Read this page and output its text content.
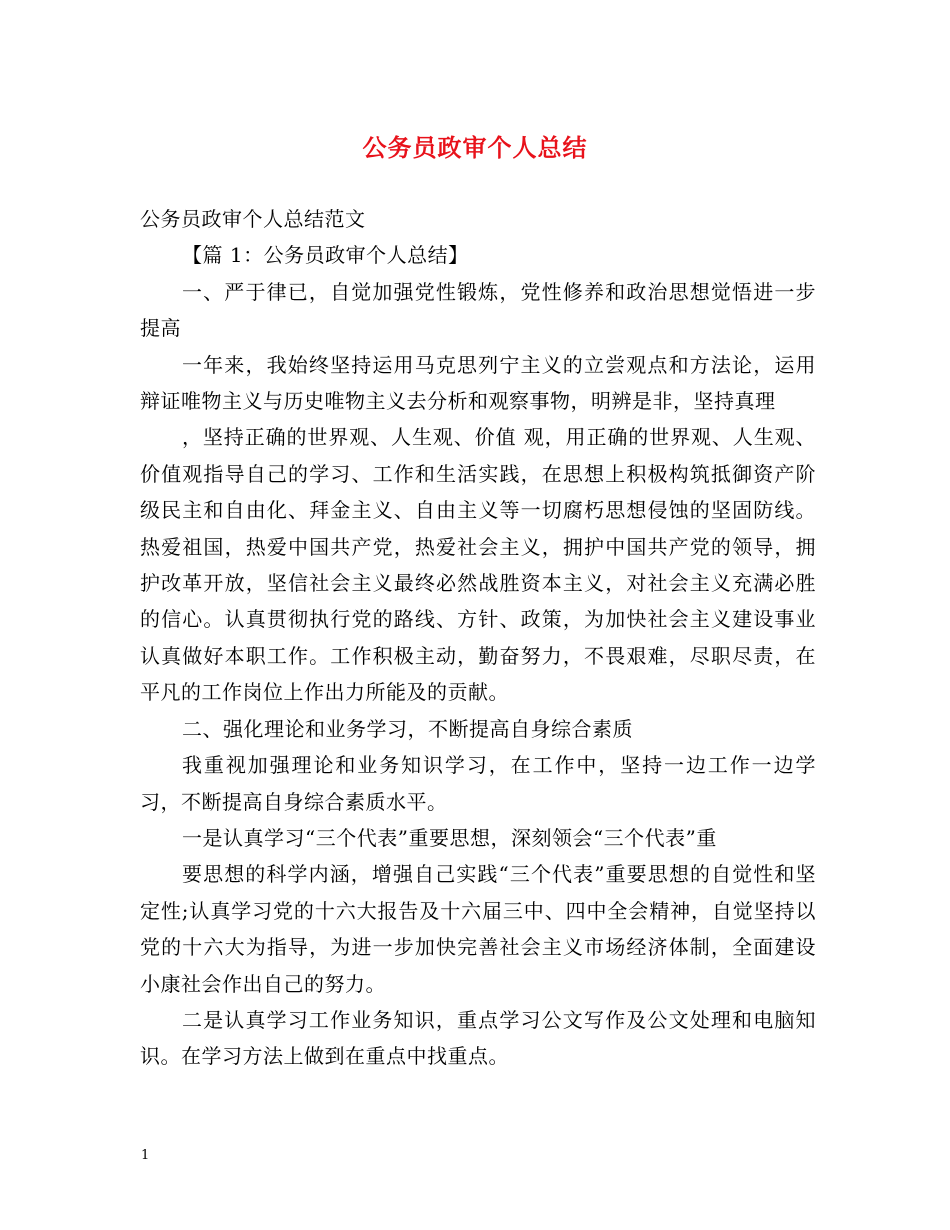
公务员政审个人总结

公务员政审个人总结范文

【篇 1：公务员政审个人总结】

一、严于律已，自觉加强党性锻炼，党性修养和政治思想觉悟进一步提高

一年来，我始终坚持运用马克思列宁主义的立尝观点和方法论，运用辩证唯物主义与历史唯物主义去分析和观察事物，明辨是非，坚持真理

，坚持正确的世界观、人生观、价值 观，用正确的世界观、人生观、价值观指导自己的学习、工作和生活实践，在思想上积极构筑抵御资产阶级民主和自由化、拜金主义、自由主义等一切腐朽思想侵蚀的坚固防线。热爱祖国，热爱中国共产党，热爱社会主义，拥护中国共产党的领导，拥护改革开放，坚信社会主义最终必然战胜资本主义，对社会主义充满必胜的信心。认真贯彻执行党的路线、方针、政策，为加快社会主义建设事业认真做好本职工作。工作积极主动，勤奋努力，不畏艰难，尽职尽责，在平凡的工作岗位上作出力所能及的贡献。

二、强化理论和业务学习，不断提高自身综合素质

我重视加强理论和业务知识学习，在工作中，坚持一边工作一边学习，不断提高自身综合素质水平。

一是认真学习“三个代表”重要思想，深刻领会“三个代表”重

要思想的科学内涵，增强自己实践“三个代表”重要思想的自觉性和坚定性;认真学习党的十六大报告及十六届三中、四中全会精神，自觉坚持以党的十六大为指导，为进一步加快完善社会主义市场经济体制，全面建设小康社会作出自己的努力。

二是认真学习工作业务知识，重点学习公文写作及公文处理和电脑知识。在学习方法上做到在重点中找重点。

1
